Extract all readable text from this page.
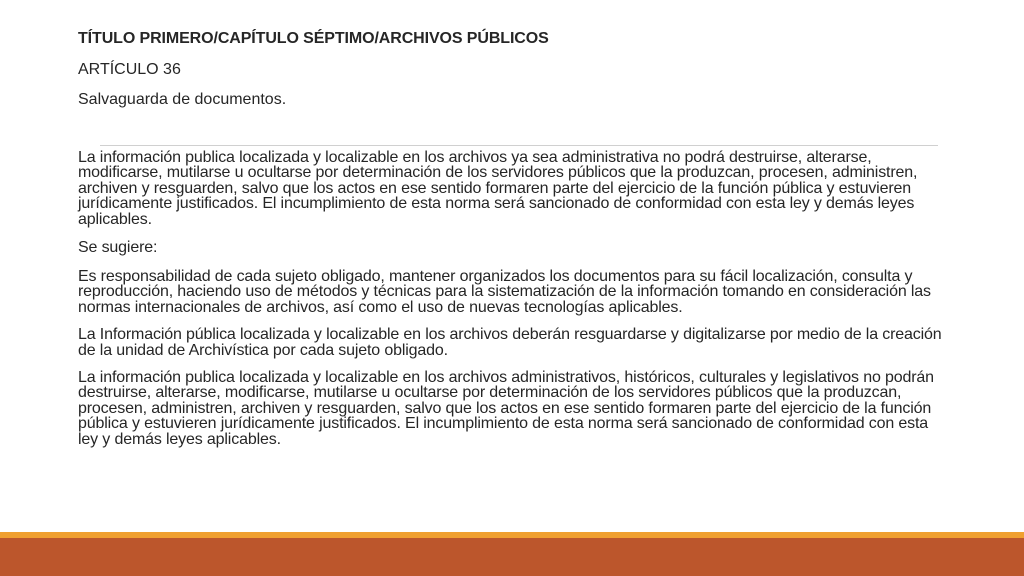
TÍTULO PRIMERO/CAPÍTULO SÉPTIMO/ARCHIVOS PÚBLICOS
ARTÍCULO 36
Salvaguarda de documentos.

La información publica localizada y localizable en los archivos ya sea administrativa no podrá destruirse, alterarse, modificarse, mutilarse u ocultarse por determinación de los servidores públicos que la produzcan, procesen, administren, archiven y resguarden, salvo que los actos en ese sentido formaren parte del ejercicio de la función pública y estuvieren jurídicamente justificados. El incumplimiento de esta norma será sancionado de conformidad con esta ley y demás leyes aplicables.

Se sugiere:

Es responsabilidad de cada sujeto obligado, mantener organizados los documentos para su fácil localización, consulta y reproducción, haciendo uso de métodos y técnicas para la sistematización de la información tomando en consideración las normas internacionales de archivos, así como el uso de nuevas tecnologías aplicables.

La Información pública localizada y localizable en los archivos deberán resguardarse y digitalizarse por medio de la creación de la unidad de Archivística por cada sujeto obligado.

La información publica localizada y localizable en los archivos administrativos, históricos, culturales y legislativos no podrán destruirse, alterarse, modificarse, mutilarse u ocultarse por determinación de los servidores públicos que la produzcan, procesen, administren, archiven y resguarden, salvo que los actos en ese sentido formaren parte del ejercicio de la función pública y estuvieren jurídicamente justificados. El incumplimiento de esta norma será sancionado de conformidad con esta ley y demás leyes aplicables.
